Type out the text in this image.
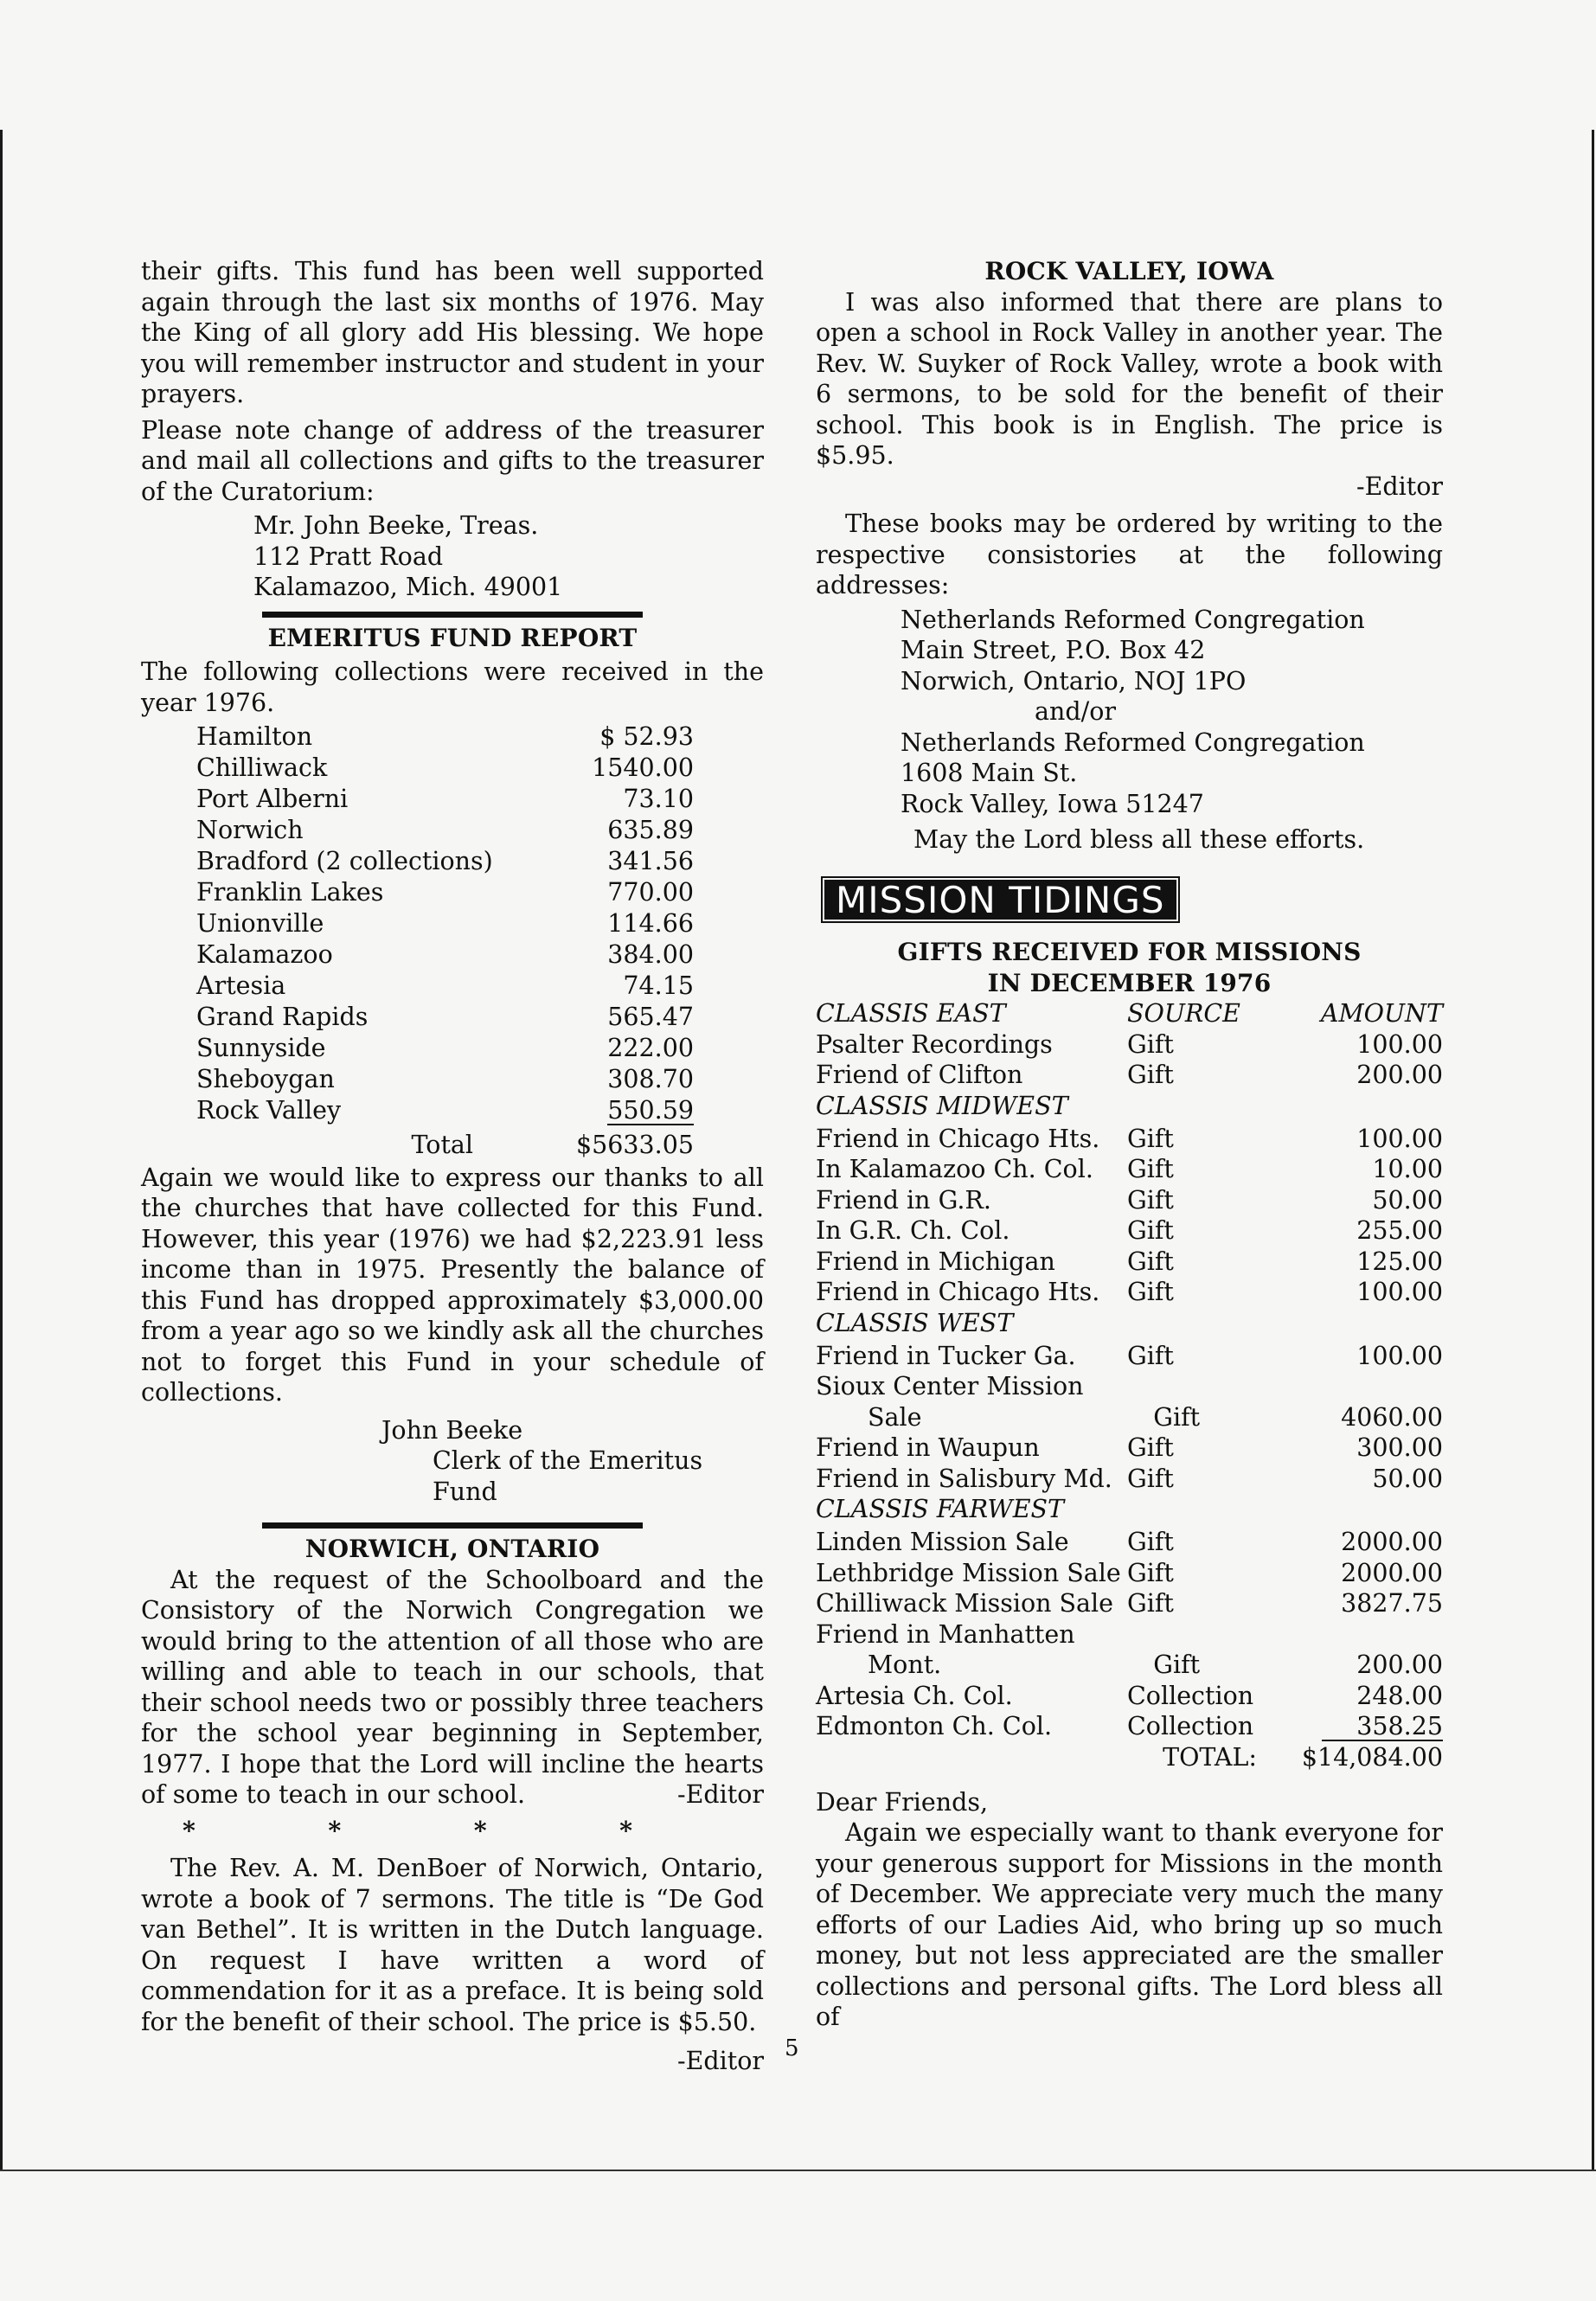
their gifts. This fund has been well supported again through the last six months of 1976. May the King of all glory add His blessing. We hope you will remember instructor and student in your prayers.

Please note change of address of the treasurer and mail all collections and gifts to the treasurer of the Curatorium:

Mr. John Beeke, Treas.
112 Pratt Road
Kalamazoo, Mich. 49001
EMERITUS FUND REPORT

The following collections were received in the year 1976.

Hamilton	$ 52.93
Chilliwack	1540.00
Port Alberni	73.10
Norwich	635.89
Bradford (2 collections)	341.56
Franklin Lakes	770.00
Unionville	114.66
Kalamazoo	384.00
Artesia	74.15
Grand Rapids	565.47
Sunnyside	222.00
Sheboygan	308.70
Rock Valley	550.59
Total	$5633.05

Again we would like to express our thanks to all the churches that have collected for this Fund. However, this year (1976) we had $2,223.91 less income than in 1975. Presently the balance of this Fund has dropped approximately $3,000.00 from a year ago so we kindly ask all the churches not to forget this Fund in your schedule of collections.

John Beeke
Clerk of the Emeritus Fund
NORWICH, ONTARIO

At the request of the Schoolboard and the Consistory of the Norwich Congregation we would bring to the attention of all those who are willing and able to teach in our schools, that their school needs two or possibly three teachers for the school year beginning in September, 1977. I hope that the Lord will incline the hearts of some to teach in our school.	-Editor

*	*	*	*

The Rev. A. M. DenBoer of Norwich, Ontario, wrote a book of 7 sermons. The title is “De God van Bethel”. It is written in the Dutch language. On request I have written a word of commendation for it as a preface. It is being sold for the benefit of their school. The price is $5.50.

-Editor
ROCK VALLEY, IOWA

I was also informed that there are plans to open a school in Rock Valley in another year. The Rev. W. Suyker of Rock Valley, wrote a book with 6 sermons, to be sold for the benefit of their school. This book is in English. The price is $5.95.

-Editor

These books may be ordered by writing to the respective consistories at the following addresses:

Netherlands Reformed Congregation
Main Street, P.O. Box 42
Norwich, Ontario, NOJ 1PO
and/or
Netherlands Reformed Congregation
1608 Main St.
Rock Valley, Iowa 51247
May the Lord bless all these efforts.
MISSION TIDINGS
GIFTS RECEIVED FOR MISSIONS
IN DECEMBER 1976
CLASSIS EAST	SOURCE	AMOUNT
Psalter Recordings	Gift	100.00
Friend of Clifton	Gift	200.00
CLASSIS MIDWEST
Friend in Chicago Hts.	Gift	100.00
In Kalamazoo Ch. Col.	Gift	10.00
Friend in G.R.	Gift	50.00
In G.R. Ch. Col.	Gift	255.00
Friend in Michigan	Gift	125.00
Friend in Chicago Hts.	Gift	100.00
CLASSIS WEST
Friend in Tucker Ga.	Gift	100.00
Sioux Center Mission
Sale	Gift	4060.00
Friend in Waupun	Gift	300.00
Friend in Salisbury Md. Gift	50.00
CLASSIS FARWEST
Linden Mission Sale	Gift	2000.00
Lethbridge Mission Sale Gift	2000.00
Chilliwack Mission Sale Gift	3827.75
Friend in Manhatten
Mont.	Gift	200.00
Artesia Ch. Col.	Collection	248.00
Edmonton Ch. Col.	Collection	358.25
TOTAL:	$14,084.00
Dear Friends,

Again we especially want to thank everyone for your generous support for Missions in the month of December. We appreciate very much the many efforts of our Ladies Aid, who bring up so much money, but not less appreciated are the smaller collections and personal gifts. The Lord bless all of

5
